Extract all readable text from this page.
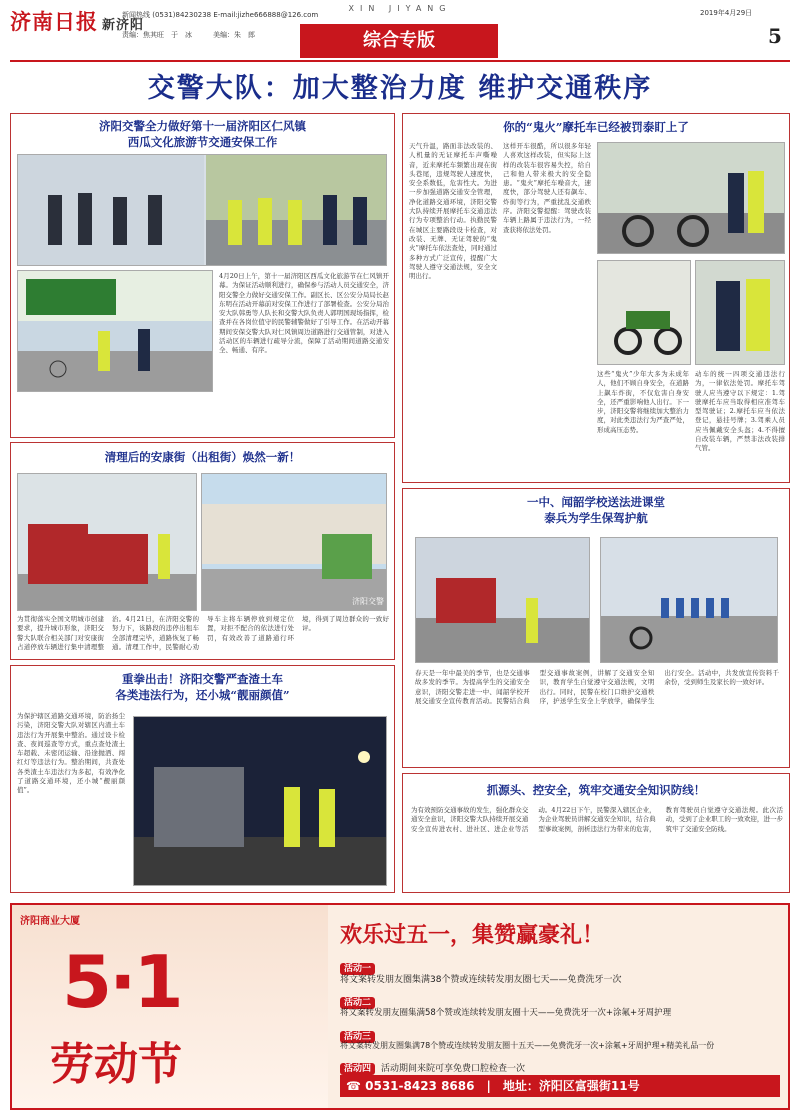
济南日报 新济阳
新闻热线 (0531)84230238 E-mail:jizhe666888@126.com
责编：焦其旺　于　冰　　　美编：朱　郎
XIN JIYANG	2019年4月29日
综合专版	5
交警大队：加大整治力度 维护交通秩序
济阳交警全力做好第十一届济阳区仁风镇
西瓜文化旅游节交通安保工作
4月20日上午，第十一届济阳区西瓜文化旅游节在仁风镇开幕。为保证活动顺利进行，确保参与活动人员交通安全，济阳交警全力做好交通安保工作。副区长、区公安分局局长赵东明在活动开幕前对安保工作进行了部署检查。公安分局治安大队韩勇等人队长和交警大队负责人郭明国现场指挥，检查并在各岗位值守的民警辅警做好了引导工作。在活动开幕期间安保交警大队对仁风镇周边道路进行交通管制，对进入活动区的车辆进行疏导分流，保障了活动期间道路交通安全、畅通、有序。
你的“鬼火”摩托车已经被罚泰盯上了
天气升温，路面非法改装的、人机量的无证摩托车声嘶噪音，近来摩托车频繁出现在街头巷尾，违规驾驶人速度快，安全系数低，危害性大。为进一步加强道路交通安全管理，净化道路交通环境，济阳交警大队持续开展摩托车交通违法行为专项整治行动。执勤民警在城区主要路段设卡检查，对改装、无牌、无证驾驶的“鬼火”摩托车依法查处，同时通过多种方式广泛宣传，提醒广大驾驶人遵守交通法规，安全文明出行。
这样开车很酷，所以很多年轻人喜欢这样改装，但实际上这样的改装车很容易失控，给自己和他人带来极大的安全隐患。“鬼火”摩托车噪音大，速度快，部分驾驶人还有飙车、炸街等行为，严重扰乱交通秩序。济阳交警提醒：驾驶改装车辆上路属于违法行为，一经查获将依法处罚。
这些“鬼火”少年大多为未成年人，他们不顾自身安全，在道路上飙车炸街，不仅危害自身安全，还严重影响他人出行。下一步，济阳交警将继续加大整治力度，对此类违法行为严查严处，形成高压态势。
动车的统一四项交通违法行为，一律依法处罚。摩托车驾驶人应当遵守以下规定：1.驾驶摩托车应当取得相应准驾车型驾驶证；2.摩托车应当依法登记，悬挂号牌；3.驾乘人员应当佩戴安全头盔；4.不得擅自改装车辆，严禁非法改装排气管。
清理后的安康街（出租街）焕然一新！
济阳交警
为贯彻落实全国文明城市创建要求，提升城市形象，济阳交警大队联合相关部门对安康街占道停放车辆进行集中清理整治。4月21日，在济阳交警的努力下，该路段的违停出租车全部清理完毕，道路恢复了畅通。清理工作中，民警耐心劝导车主将车辆停放到规定位置，对拒不配合的依法进行处罚，有效改善了道路通行环境，得到了周边群众的一致好评。
一中、闻韶学校送法进课堂
泰兵为学生保驾护航
春天是一年中最美的季节，也是交通事故多发的季节。为提高学生的交通安全意识，济阳交警走进一中、闻韶学校开展交通安全宣传教育活动。民警结合典型交通事故案例，讲解了交通安全知识，教育学生自觉遵守交通法规，文明出行。同时，民警在校门口维护交通秩序，护送学生安全上学放学，确保学生出行安全。活动中，共发放宣传资料千余份，受到师生及家长的一致好评。
重拳出击！济阳交警严查渣土车
各类违法行为，还小城“靓丽颜值”
为保护辖区道路交通环境，防治扬尘污染，济阳交警大队对辖区内渣土车违法行为开展集中整治。通过设卡检查、夜间巡查等方式，重点查处渣土车超载、未密闭运输、沿途抛洒、闯红灯等违法行为。整治期间，共查处各类渣土车违法行为多起，有效净化了道路交通环境，还小城“靓丽颜值”。	抓源头、控安全，筑牢交通安全知识防线！
为有效预防交通事故的发生，强化群众交通安全意识，济阳交警大队持续开展交通安全宣传进农村、进社区、进企业等活动。4月22日下午，民警深入辖区企业，为企业驾驶员讲解交通安全知识，结合典型事故案例，剖析违法行为带来的危害，教育驾驶员自觉遵守交通法规。此次活动，受到了企业职工的一致欢迎，进一步筑牢了交通安全防线。
济阳商业大厦
5·1
劳动节
欢乐过五一，集赞赢豪礼！
活动一
将文案转发朋友圈集满38个赞或连续转发朋友圈七天——免费洗牙一次
活动二
将文案转发朋友圈集满58个赞或连续转发朋友圈十天——免费洗牙一次+涂氟+牙周护理
活动三
将文案转发朋友圈集满78个赞或连续转发朋友圈十五天——免费洗牙一次+涂氟+牙周护理+精美礼品一份
活动四 活动期间来院可享免费口腔检查一次
☎ 0531-8423 8686　|　地址：济阳区富强街11号
